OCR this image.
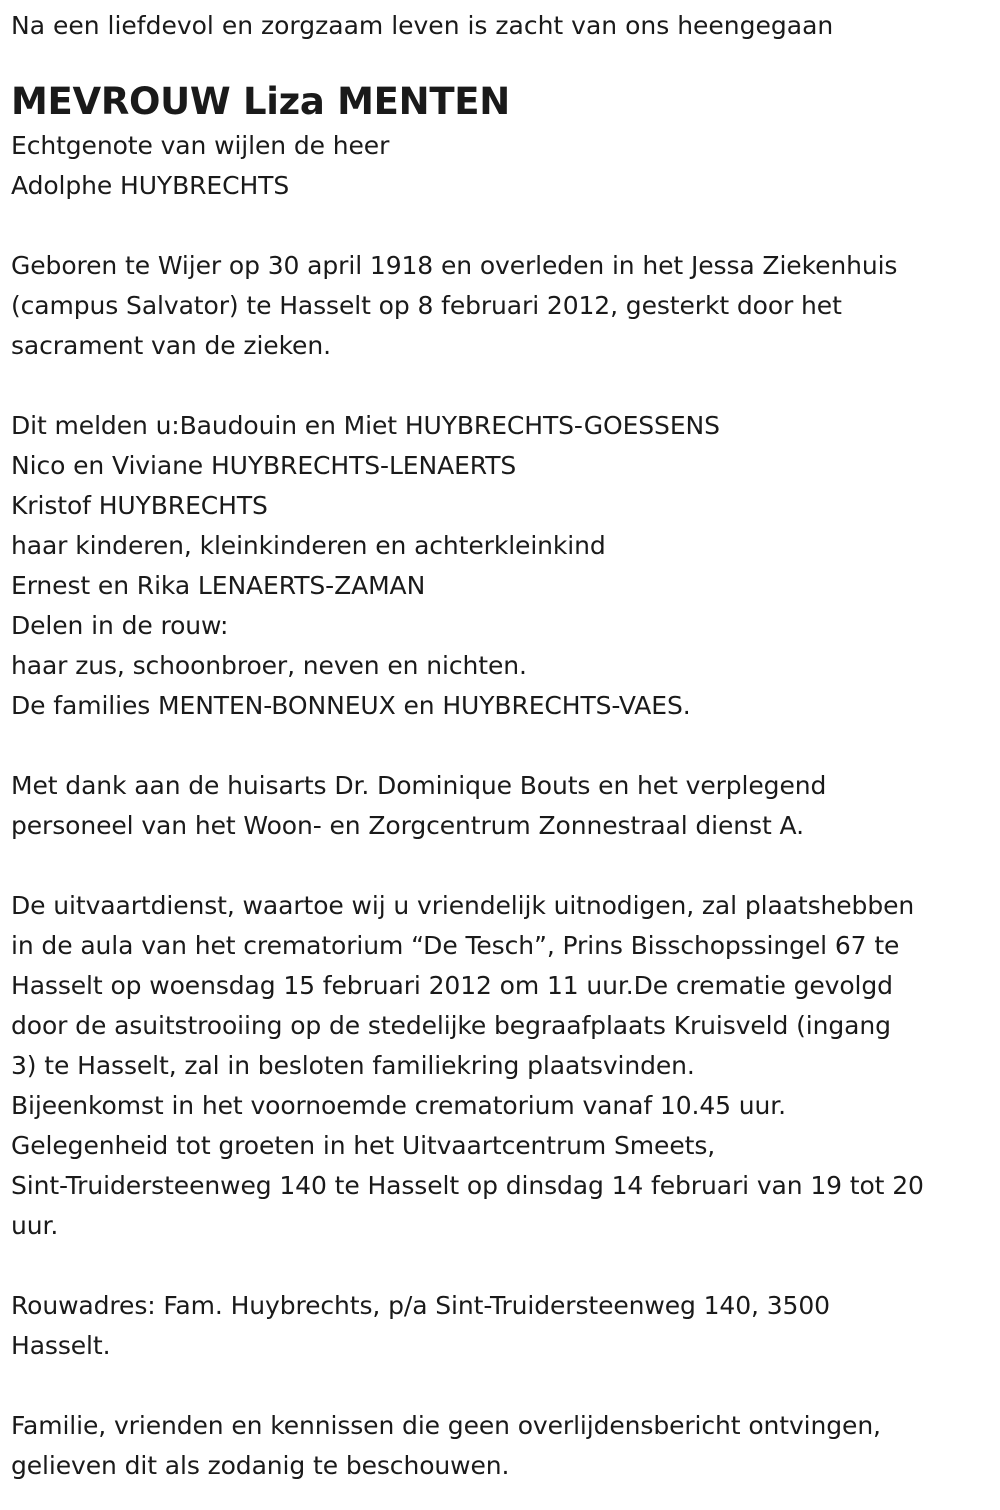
Na een liefdevol en zorgzaam leven is zacht van ons heengegaan
MEVROUW Liza MENTEN
Echtgenote van wijlen de heer
Adolphe HUYBRECHTS
Geboren te Wijer op 30 april 1918 en overleden in het Jessa Ziekenhuis
(campus Salvator) te Hasselt op 8 februari 2012, gesterkt door het
sacrament van de zieken.
Dit melden u:Baudouin en Miet HUYBRECHTS-GOESSENS
Nico en Viviane HUYBRECHTS-LENAERTS
Kristof HUYBRECHTS
haar kinderen, kleinkinderen en achterkleinkind
Ernest en Rika LENAERTS-ZAMAN
Delen in de rouw:
haar zus, schoonbroer, neven en nichten.
De families MENTEN-BONNEUX en HUYBRECHTS-VAES.
Met dank aan de huisarts Dr. Dominique Bouts en het verplegend
personeel van het Woon- en Zorgcentrum Zonnestraal dienst A.
De uitvaartdienst, waartoe wij u vriendelijk uitnodigen, zal plaatshebben
in de aula van het crematorium “De Tesch”, Prins Bisschopssingel 67 te
Hasselt op woensdag 15 februari 2012 om 11 uur.De crematie gevolgd
door de asuitstrooiing op de stedelijke begraafplaats Kruisveld (ingang
3) te Hasselt, zal in besloten familiekring plaatsvinden.
Bijeenkomst in het voornoemde crematorium vanaf 10.45 uur.
Gelegenheid tot groeten in het Uitvaartcentrum Smeets,
Sint-Truidersteenweg 140 te Hasselt op dinsdag 14 februari van 19 tot 20
uur.
Rouwadres: Fam. Huybrechts, p/a Sint-Truidersteenweg 140, 3500
Hasselt.
Familie, vrienden en kennissen die geen overlijdensbericht ontvingen,
gelieven dit als zodanig te beschouwen.
